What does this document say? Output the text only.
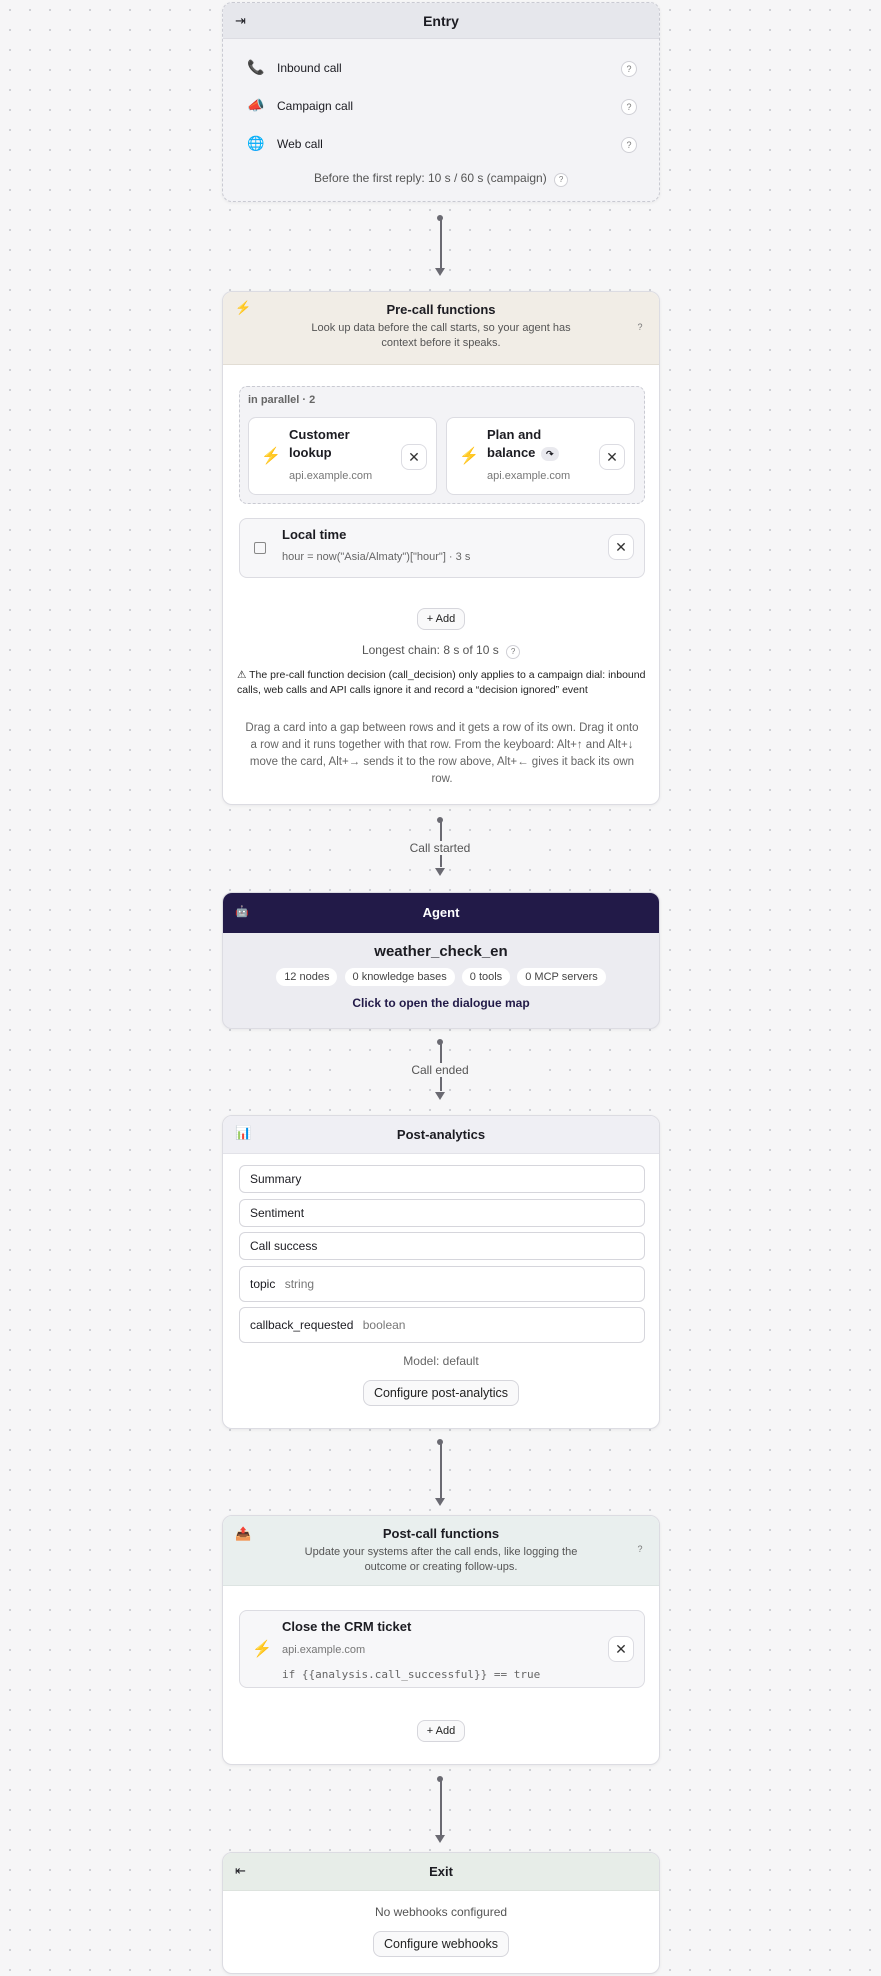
⇥	Entry
📞 Inbound call	?
📣 Campaign call	?
🌐 Web call	?
Before the first reply: 10 s / 60 s (campaign) ?
⚡	Pre-call functions
Look up data before the call starts, so your agent has context before it speaks.
?
in parallel · 2
⚡
Customer lookup
api.example.com
✕	⚡
Plan and balance ↷
api.example.com
✕
Local time
hour = now("Asia/Almaty")["hour"] · 3 s
✕
+ Add
Longest chain: 8 s of 10 s ?
⚠ The pre-call function decision (call_decision) only applies to a campaign dial: inbound calls, web calls and API calls ignore it and record a “decision ignored” event
Drag a card into a gap between rows and it gets a row of its own. Drag it onto a row and it runs together with that row. From the keyboard: Alt+↑ and Alt+↓ move the card, Alt+→ sends it to the row above, Alt+← gives it back its own row.
Call started
🤖	Agent
weather_check_en
12 nodes 0 knowledge bases 0 tools 0 MCP servers
Click to open the dialogue map
Call ended
📊	Post-analytics
Summary
Sentiment
Call success
topic string
callback_requested boolean
Model: default
Configure post-analytics
📤	Post-call functions
Update your systems after the call ends, like logging the outcome or creating follow-ups.
?
⚡
Close the CRM ticket
api.example.com
if {{analysis.call_successful}} == true
✕
+ Add
⇤	Exit
No webhooks configured
Configure webhooks
